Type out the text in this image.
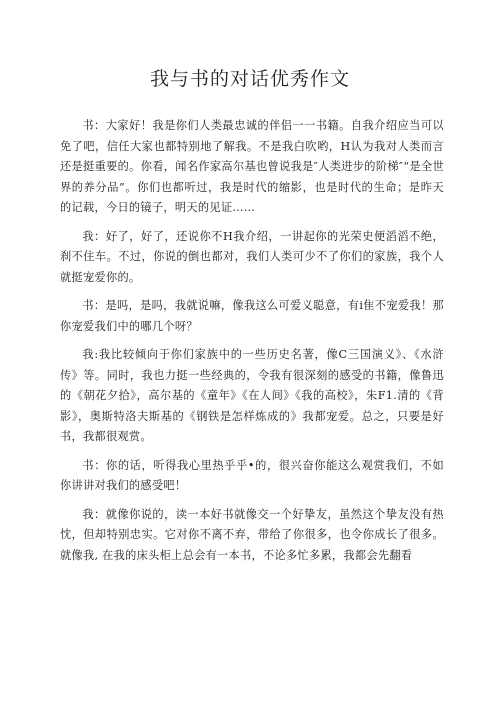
我与书的对话优秀作文

书：大家好！我是你们人类最忠诚的伴侣一一书籍。自我介绍应当可以免了吧，信任大家也都特别地了解我。不是我白吹哟，H认为我对人类而言还是挺重要的。你看，闻名作家高尔基也曾说我是″人类进步的阶梯″“是全世界的养分品”。你们也都听过，我是时代的缩影，也是时代的生命；是昨天的记载，今日的镜子，明天的见证……

我：好了，好了，还说你不H我介绍，一讲起你的光荣史便滔滔不绝，刹不住车。不过，你说的倒也都对，我们人类可少不了你们的家族，我个人就挺宠爱你的。

书：是吗，是吗，我就说嘛，像我这么可爱义聪意，有i隹不宠爱我！那你宠爱我们中的哪几个呀？

我:我比较倾向于你们家族中的一些历史名著，像C三国演义》、《水浒传》等。同时，我也力挺一些经典的，令我有很深刻的感受的书籍，像鲁迅的《朝花夕拾》，高尔基的《童年》《在人间》《我的高校》，朱F1.清的《背影》，奥斯特洛夫斯基的《钢铁是怎样炼成的》我都宠爱。总之，只要是好书，我都很观赏。

书：你的话，听得我心里热乎乎•的，很兴奋你能这么观赏我们，不如你讲讲对我们的感受吧！

我：就像你说的，读一本好书就像交一个好挚友，虽然这个挚友没有热忱，但却特别忠实。它对你不离不弃，带给了你很多，也令你成长了很多。就像我, 在我的床头柜上总会有一本书，不论多忙多累，我都会先翻看
